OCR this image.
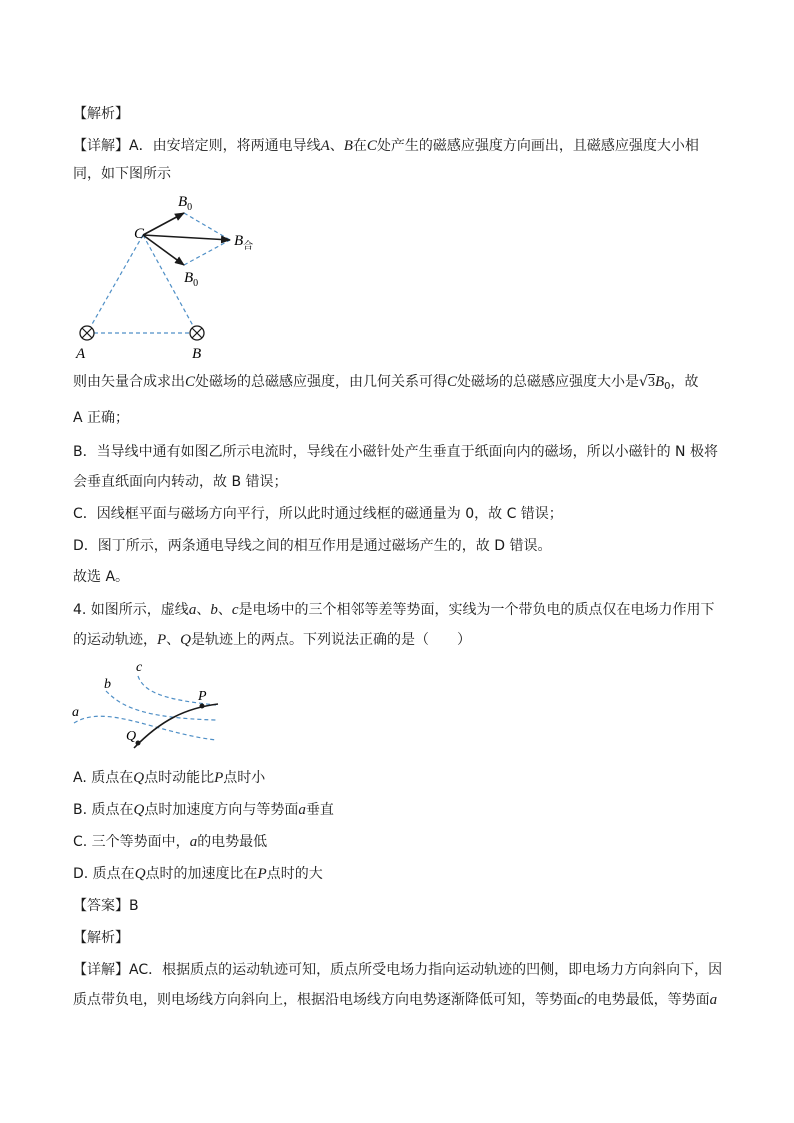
【解析】
【详解】A．由安培定则，将两通电导线A、B在C处产生的磁感应强度方向画出，且磁感应强度大小相
同，如下图所示
C
$B_0$
$B_合$
$B_0$
A	B
则由矢量合成求出C处磁场的总磁感应强度，由几何关系可得C处磁场的总磁感应强度大小是$√3B_0$，故
A 正确；
B．当导线中通有如图乙所示电流时，导线在小磁针处产生垂直于纸面向内的磁场，所以小磁针的 N 极将
会垂直纸面向内转动，故 B 错误；
C．因线框平面与磁场方向平行，所以此时通过线框的磁通量为 0，故 C 错误；
D．图丁所示，两条通电导线之间的相互作用是通过磁场产生的，故 D 错误。
故选 A。
4. 如图所示，虚线a、b、c是电场中的三个相邻等差等势面，实线为一个带负电的质点仅在电场力作用下
的运动轨迹，P、Q是轨迹上的两点。下列说法正确的是（　　）
a
b
c
P
Q
A. 质点在Q点时动能比P点时小
B. 质点在Q点时加速度方向与等势面a垂直
C. 三个等势面中，a的电势最低
D. 质点在Q点时的加速度比在P点时的大
【答案】B
【解析】
【详解】AC．根据质点的运动轨迹可知，质点所受电场力指向运动轨迹的凹侧，即电场力方向斜向下，因
质点带负电，则电场线方向斜向上，根据沿电场线方向电势逐渐降低可知，等势面c的电势最低，等势面a
